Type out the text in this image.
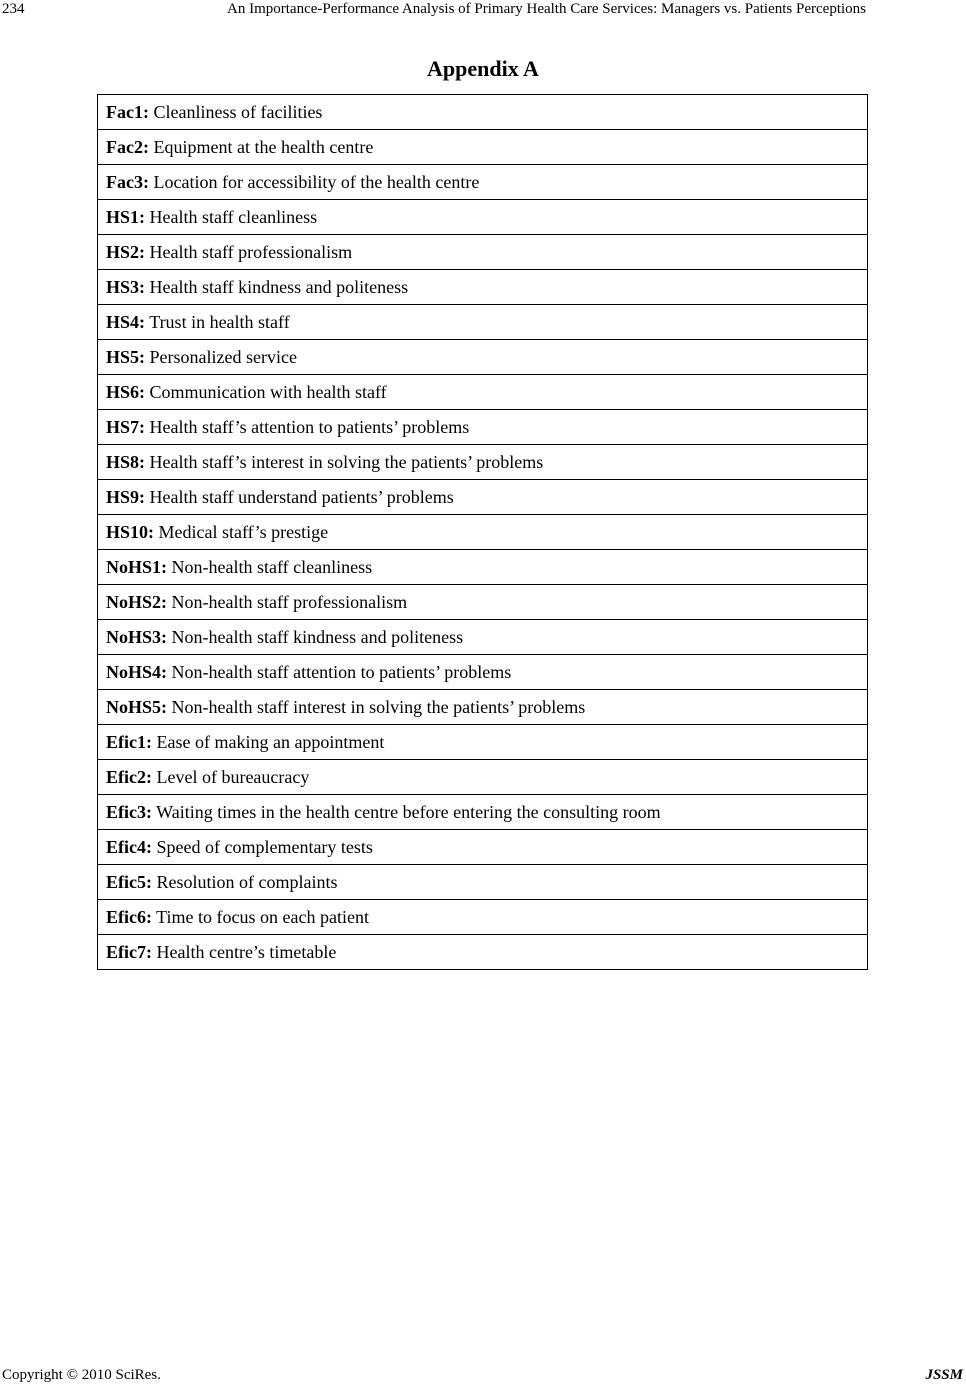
234	An Importance-Performance Analysis of Primary Health Care Services: Managers vs. Patients Perceptions
Appendix A
Fac1: Cleanliness of facilities
Fac2: Equipment at the health centre
Fac3: Location for accessibility of the health centre
HS1: Health staff cleanliness
HS2: Health staff professionalism
HS3: Health staff kindness and politeness
HS4: Trust in health staff
HS5: Personalized service
HS6: Communication with health staff
HS7: Health staff’s attention to patients’ problems
HS8: Health staff’s interest in solving the patients’ problems
HS9: Health staff understand patients’ problems
HS10: Medical staff’s prestige
NoHS1: Non-health staff cleanliness
NoHS2: Non-health staff professionalism
NoHS3: Non-health staff kindness and politeness
NoHS4: Non-health staff attention to patients’ problems
NoHS5: Non-health staff interest in solving the patients’ problems
Efic1: Ease of making an appointment
Efic2: Level of bureaucracy
Efic3: Waiting times in the health centre before entering the consulting room
Efic4: Speed of complementary tests
Efic5: Resolution of complaints
Efic6: Time to focus on each patient
Efic7: Health centre’s timetable
Copyright © 2010 SciRes.	JSSM
